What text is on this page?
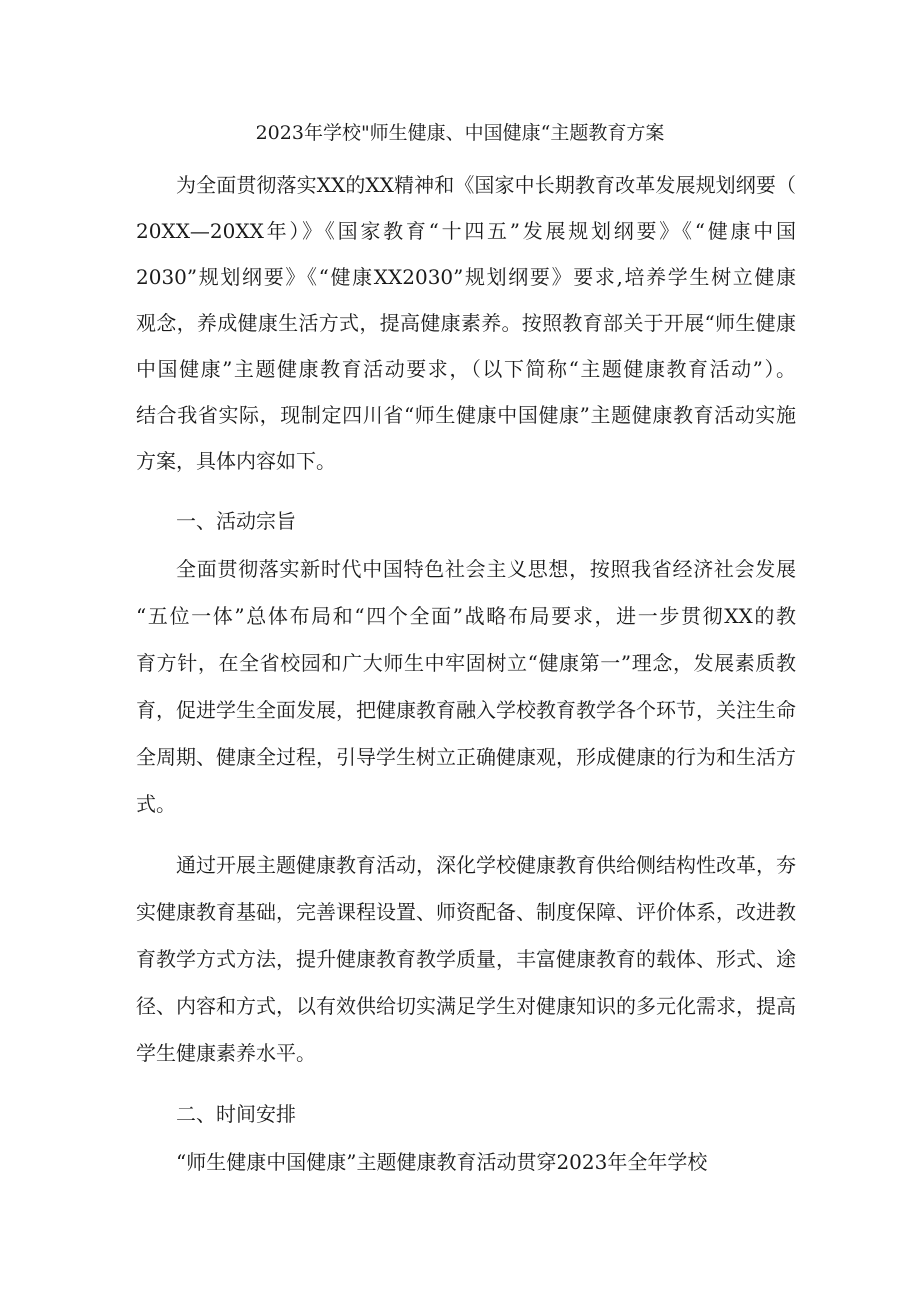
2023年学校"师生健康、中国健康“主题教育方案
为全面贯彻落实XX的XX精神和《国家中长期教育改革发展规划纲要（
20XX—20XX年）》《国家教育“十四五”发展规划纲要》《“健康中国
2030”规划纲要》《“健康XX2030”规划纲要》要求,培养学生树立健康
观念，养成健康生活方式，提高健康素养。按照教育部关于开展“师生健康
中国健康”主题健康教育活动要求，（以下简称“主题健康教育活动”）。
结合我省实际，现制定四川省“师生健康中国健康”主题健康教育活动实施
方案，具体内容如下。
一、活动宗旨
全面贯彻落实新时代中国特色社会主义思想，按照我省经济社会发展
“五位一体”总体布局和“四个全面”战略布局要求，进一步贯彻XX的教
育方针，在全省校园和广大师生中牢固树立“健康第一”理念，发展素质教
育，促进学生全面发展，把健康教育融入学校教育教学各个环节，关注生命
全周期、健康全过程，引导学生树立正确健康观，形成健康的行为和生活方
式。
通过开展主题健康教育活动，深化学校健康教育供给侧结构性改革，夯
实健康教育基础，完善课程设置、师资配备、制度保障、评价体系，改进教
育教学方式方法，提升健康教育教学质量，丰富健康教育的载体、形式、途
径、内容和方式，以有效供给切实满足学生对健康知识的多元化需求，提高
学生健康素养水平。
二、时间安排
“师生健康中国健康”主题健康教育活动贯穿2023年全年学校
